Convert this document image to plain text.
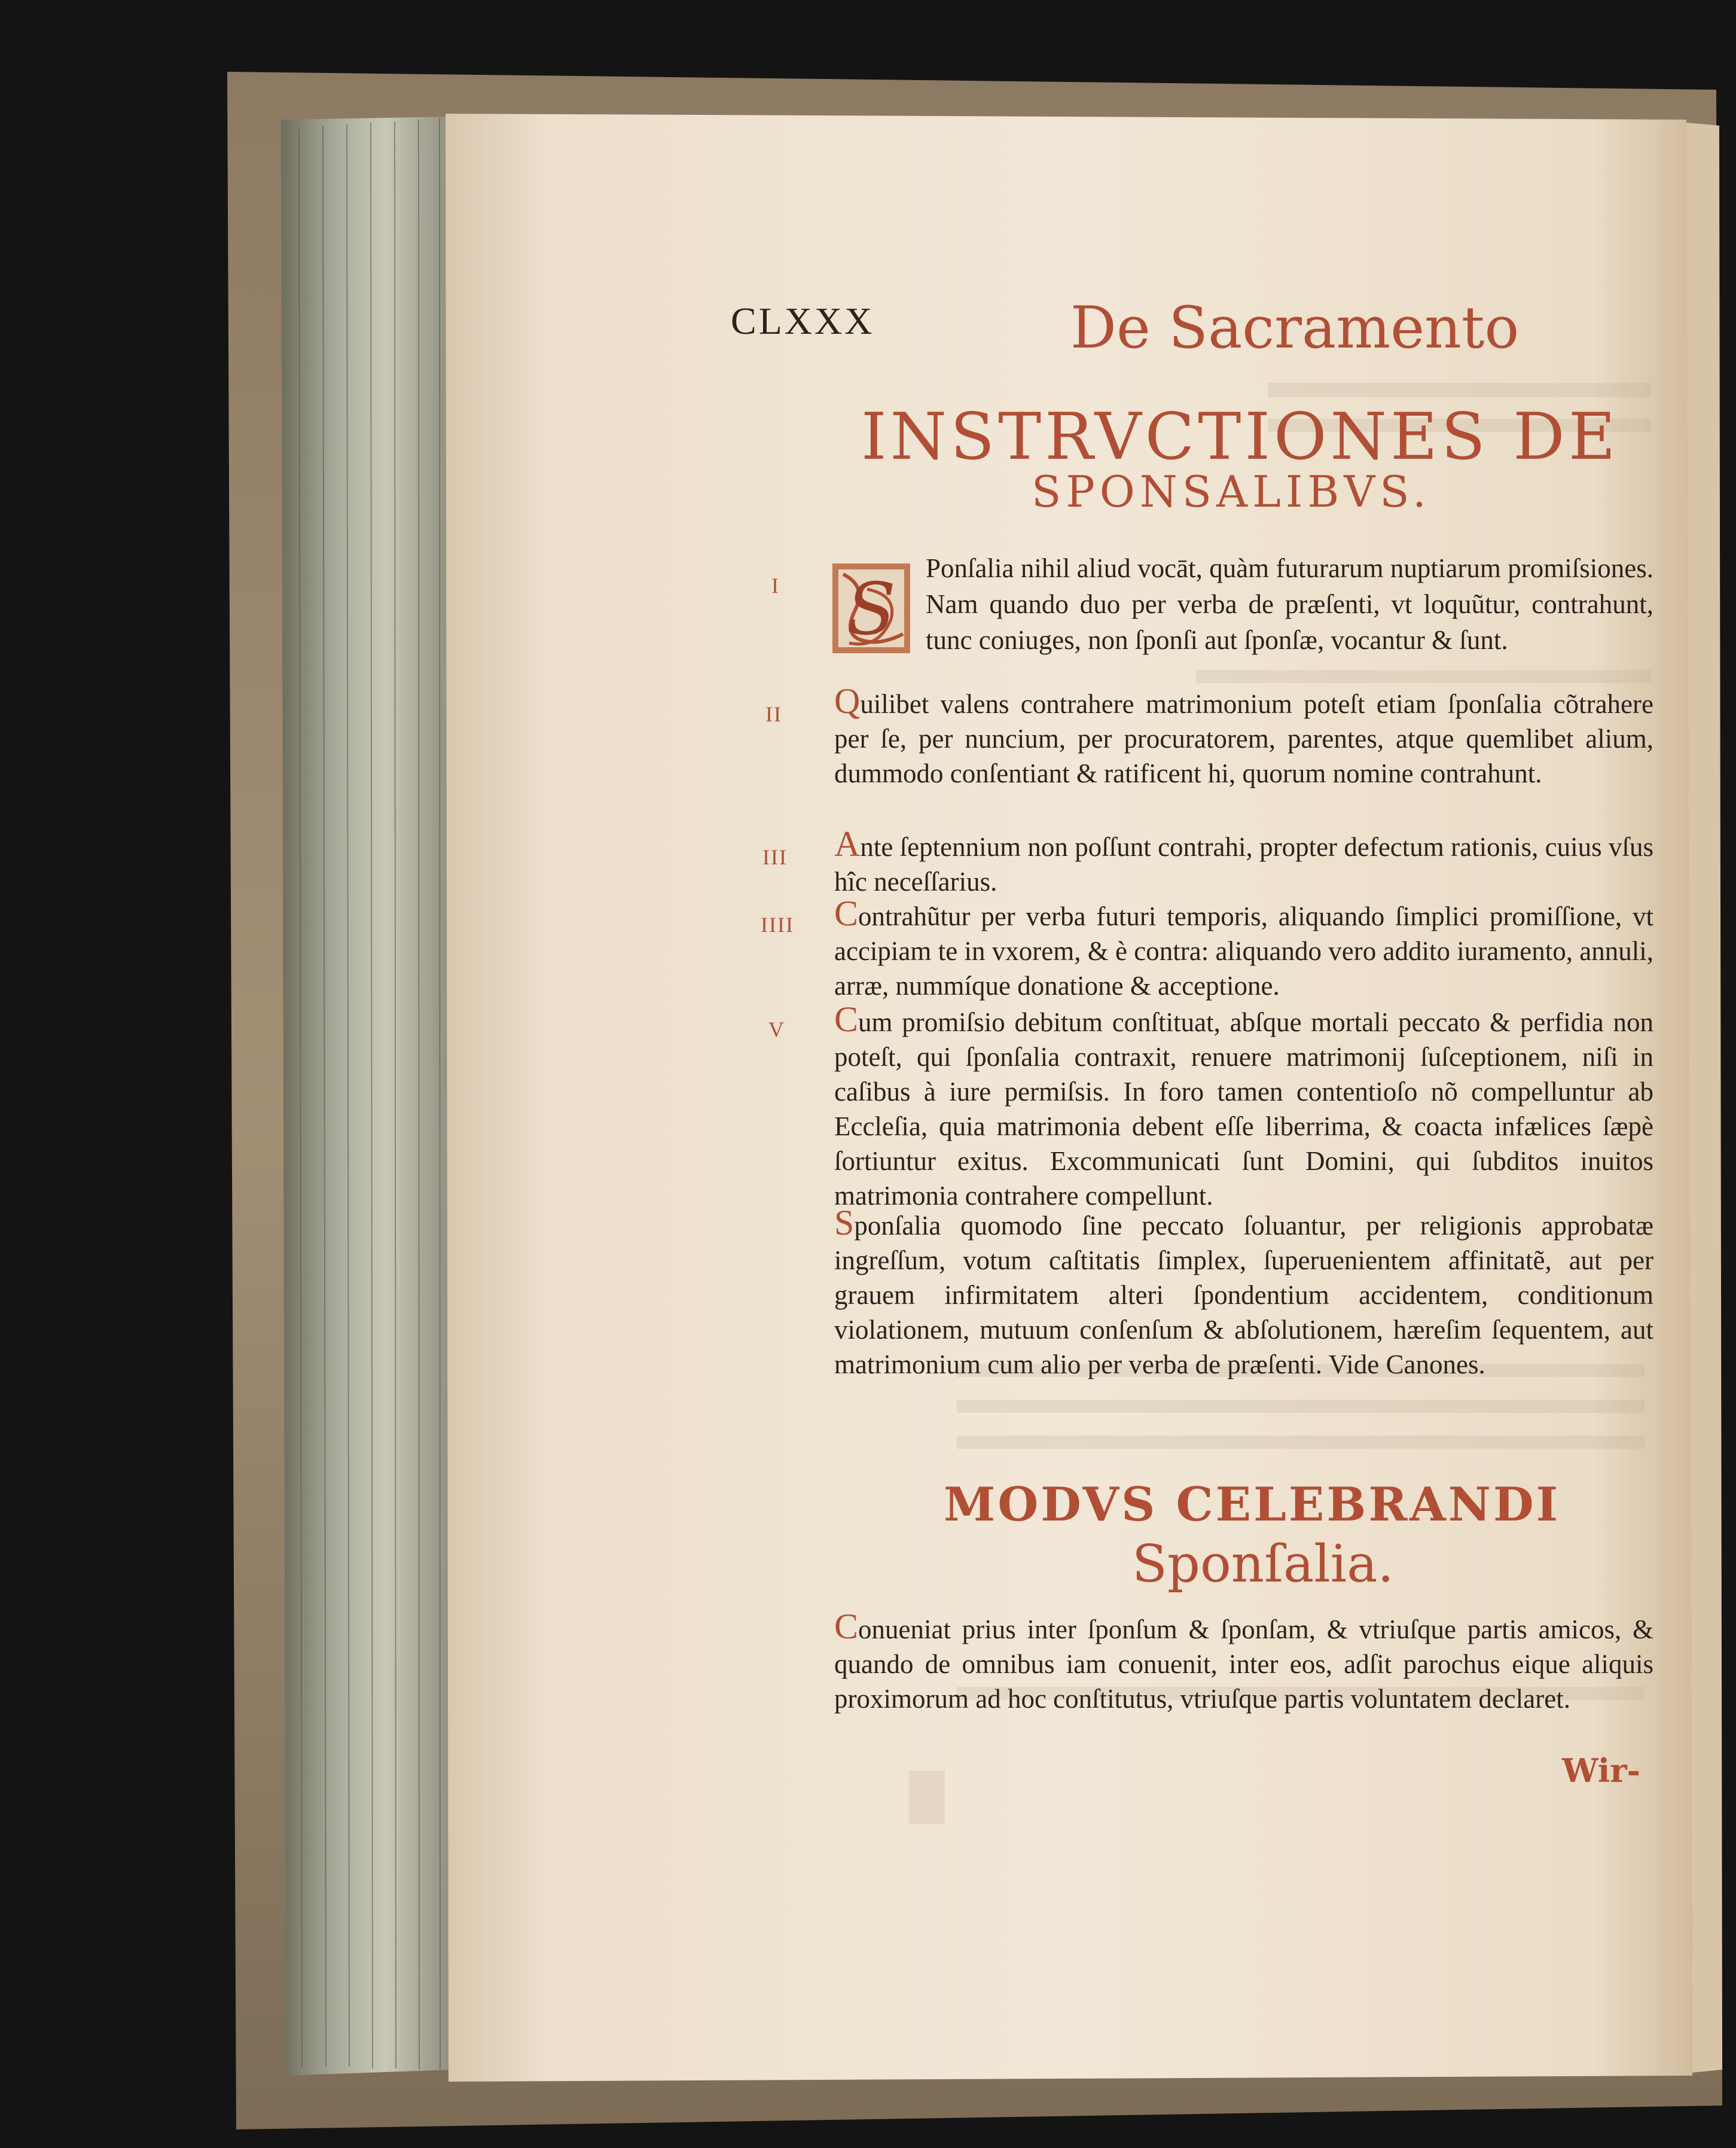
S
CLXXX	De Sacramento
INSTRVCTIONES DE
SPONSALIBVS.
I
II
III
IIII
V

Ponſalia nihil aliud vocāt, quàm futurarum nuptiarum promiſsiones. Nam quando duo per verba de præſenti, vt loquũtur, contrahunt, tunc coniuges, non ſponſi aut ſponſæ, vocantur & ſunt.

Quilibet valens contrahere matrimonium poteſt etiam ſponſalia cõtrahere per ſe, per nuncium, per procuratorem, parentes, atque quemlibet alium, dummodo conſentiant & ratificent hi, quorum nomine contrahunt.

Ante ſeptennium non poſſunt contrahi, propter defectum rationis, cuius vſus hîc neceſſarius.

Contrahũtur per verba futuri temporis, aliquando ſimplici promiſſione, vt accipiam te in vxorem, & è contra: aliquando vero addito iuramento, annuli, arræ, nummíque donatione & acceptione.

Cum promiſsio debitum conſtituat, abſque mortali peccato & perfidia non poteſt, qui ſponſalia contraxit, renuere matrimonij ſuſceptionem, niſi in caſibus à iure permiſsis. In foro tamen contentioſo nõ compelluntur ab Eccleſia, quia matrimonia debent eſſe liberrima, & coacta infælices ſæpè ſortiuntur exitus. Excommunicati ſunt Domini, qui ſubditos inuitos matrimonia contrahere compellunt.

Sponſalia quomodo ſine peccato ſoluantur, per religionis approbatæ ingreſſum, votum caſtitatis ſimplex, ſuperuenientem affinitatẽ, aut per grauem infirmitatem alteri ſpondentium accidentem, conditionum violationem, mutuum conſenſum & abſolutionem, hæreſim ſequentem, aut matrimonium cum alio per verba de præſenti. Vide Canones.

MODVS CELEBRANDI
Sponſalia.

Conueniat prius inter ſponſum & ſponſam, & vtriuſque partis amicos, & quando de omnibus iam conuenit, inter eos, adſit parochus eique aliquis proximorum ad hoc conſtitutus, vtriuſque partis voluntatem declaret.

Wir-
